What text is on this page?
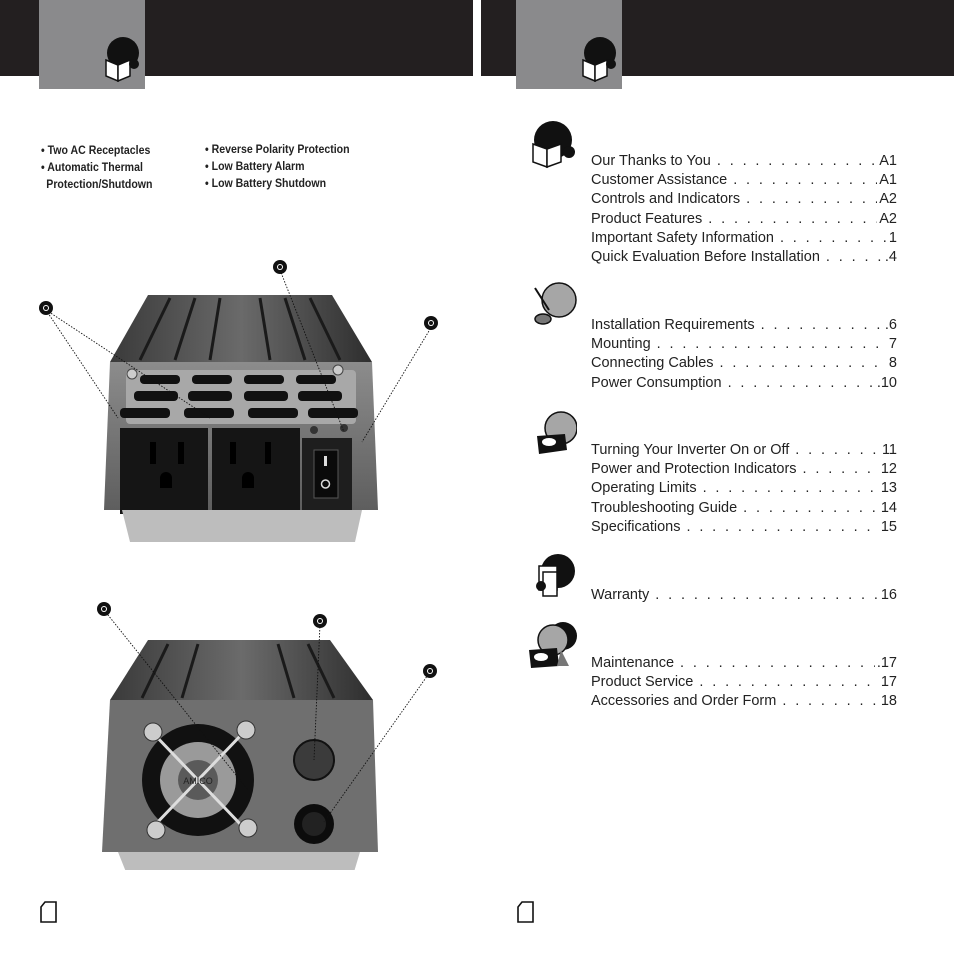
• Two AC Receptacles
• Automatic Thermal
Protection/Shutdown
• Reverse Polarity Protection
• Low Battery Alarm
• Low Battery Shutdown
AMICO
Our Thanks to You . . .	A1
Customer Assistance . . .	A1
Controls and Indicators . . .	A2
Product Features . . .	A2
Important Safety Information . . .	1
Quick Evaluation Before Installation . . .	.4
Installation Requirements . . .	.6
Mounting . . .	7
Connecting Cables . . .	8
Power Consumption . . .	.10
Turning Your Inverter On or Off . . .	11
Power and Protection Indicators . . .	12
Operating Limits . . .	13
Troubleshooting Guide . . .	14
Specifications . . .	15
Warranty . . .	16
Maintenance . . .	.17
Product Service . . .	17
Accessories and Order Form . . .	18
